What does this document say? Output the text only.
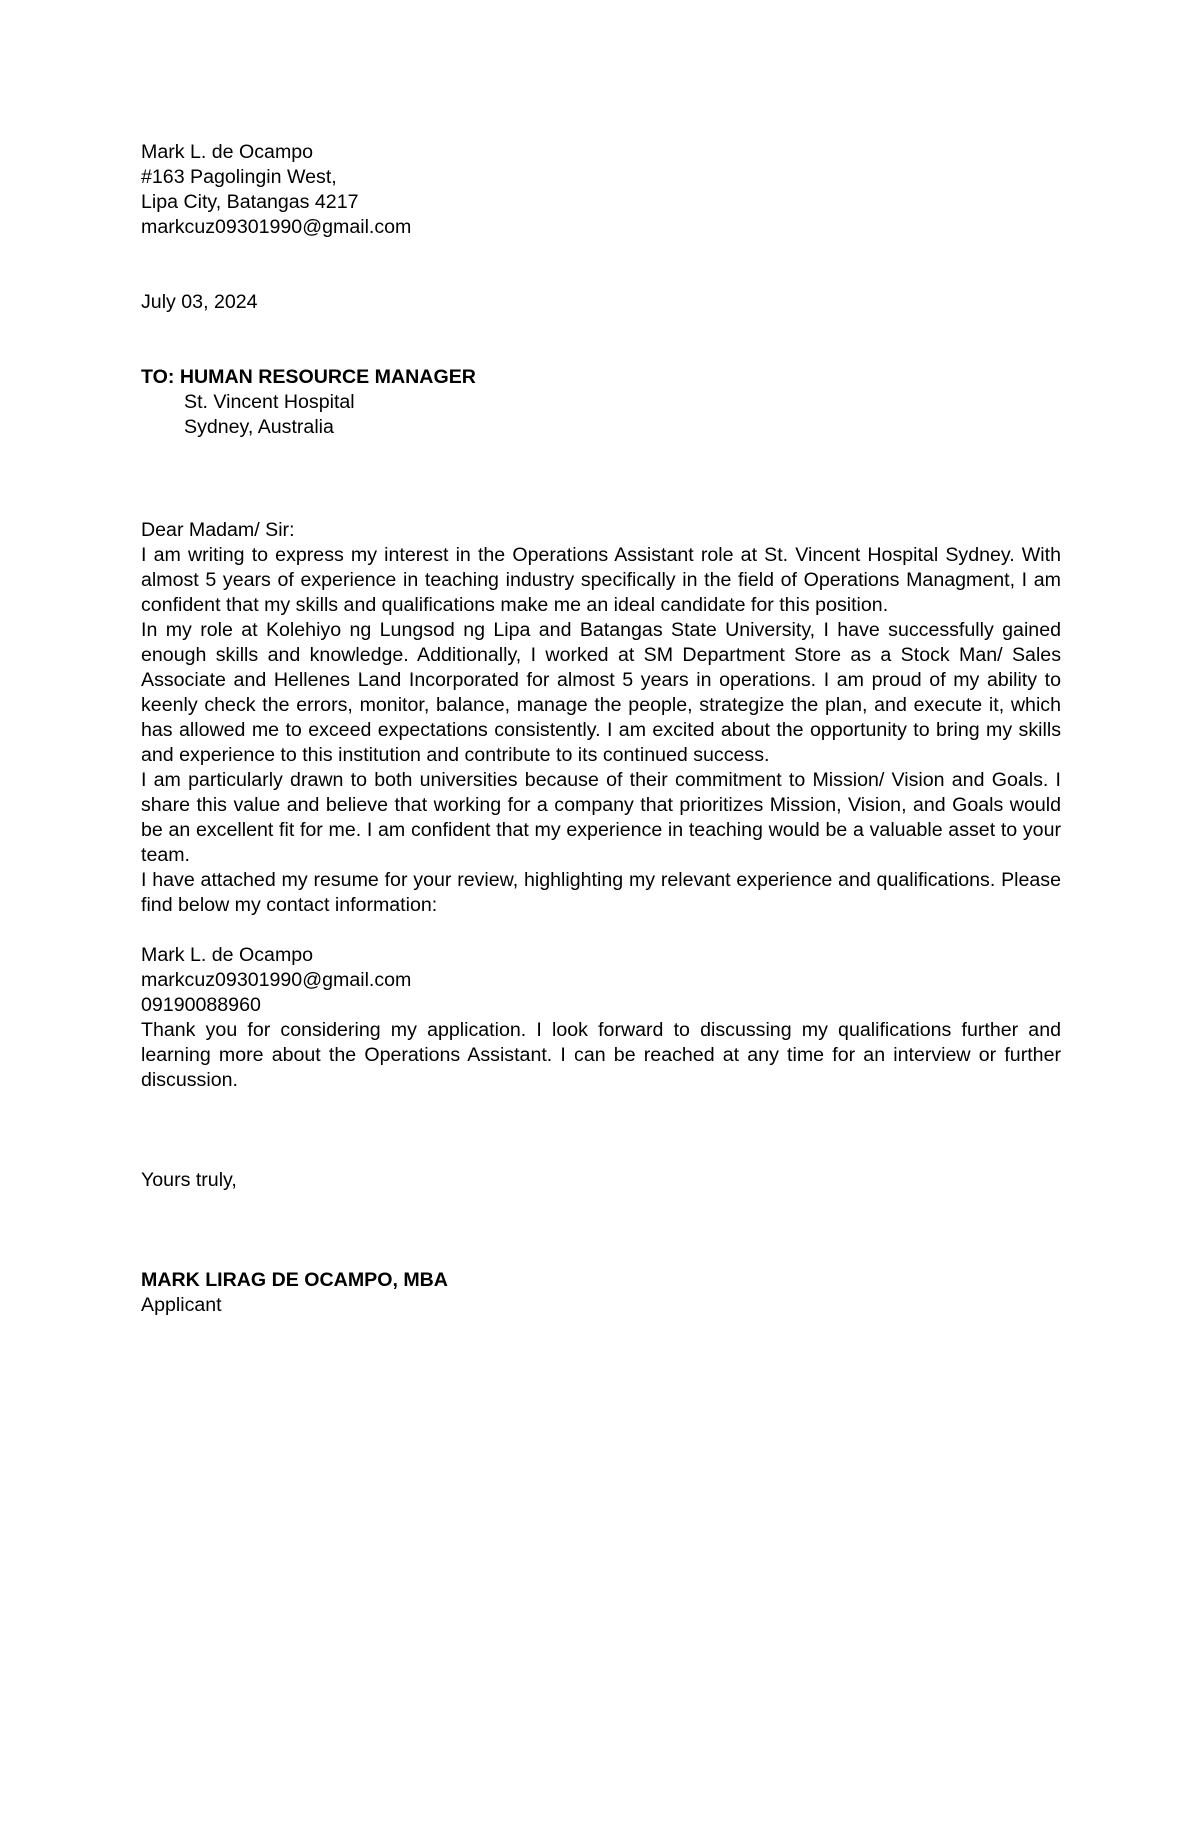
Mark L. de Ocampo
#163 Pagolingin West,
Lipa City, Batangas 4217
markcuz09301990@gmail.com
July 03, 2024
TO: HUMAN RESOURCE MANAGER
St. Vincent Hospital
Sydney, Australia
Dear Madam/ Sir:

I am writing to express my interest in the Operations Assistant role at St. Vincent Hospital Sydney. With almost 5 years of experience in teaching industry specifically in the field of Operations Managment, I am confident that my skills and qualifications make me an ideal candidate for this position.

In my role at Kolehiyo ng Lungsod ng Lipa and Batangas State University, I have successfully gained enough skills and knowledge. Additionally, I worked at SM Department Store as a Stock Man/ Sales Associate and Hellenes Land Incorporated for almost 5 years in operations. I am proud of my ability to keenly check the errors, monitor, balance, manage the people, strategize the plan, and execute it, which has allowed me to exceed expectations consistently. I am excited about the opportunity to bring my skills and experience to this institution and contribute to its continued success.

I am particularly drawn to both universities because of their commitment to Mission/ Vision and Goals. I share this value and believe that working for a company that prioritizes Mission, Vision, and Goals would be an excellent fit for me. I am confident that my experience in teaching would be a valuable asset to your team.

I have attached my resume for your review, highlighting my relevant experience and qualifications. Please find below my contact information:

Mark L. de Ocampo
markcuz09301990@gmail.com
09190088960

Thank you for considering my application. I look forward to discussing my qualifications further and learning more about the Operations Assistant. I can be reached at any time for an interview or further discussion.

Yours truly,
MARK LIRAG DE OCAMPO, MBA
Applicant
